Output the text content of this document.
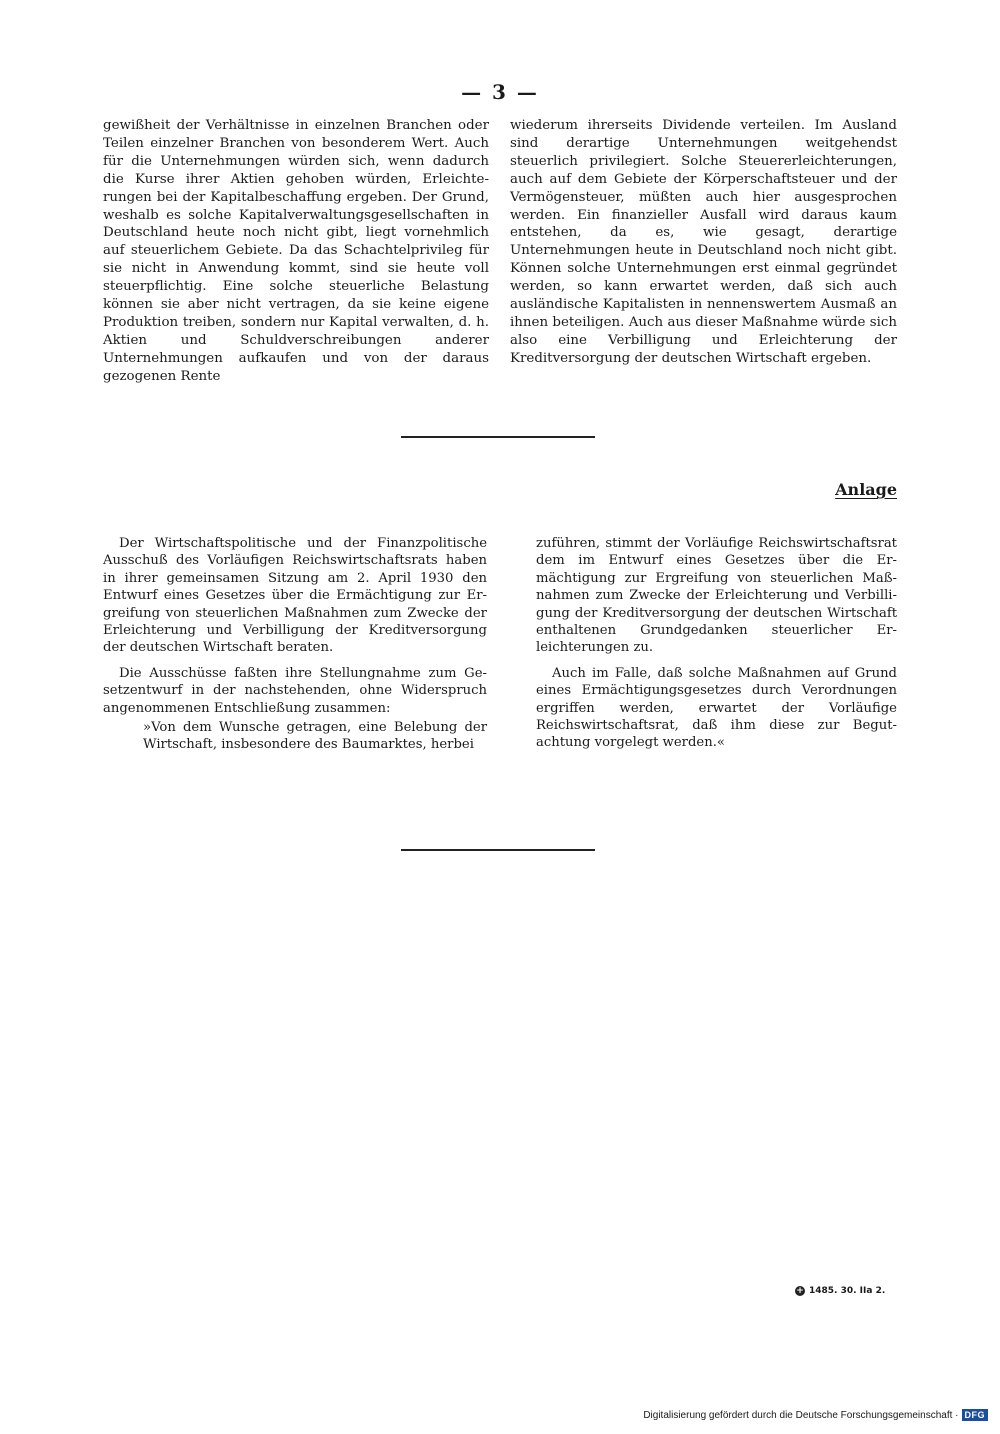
— 3 —

gewißheit der Verhältnisse in einzelnen Branchen oder Teilen einzelner Branchen von besonderem Wert. Auch für die Unternehmungen würden sich, wenn dadurch die Kurse ihrer Aktien gehoben würden, Erleichterungen bei der Kapitalbeschaffung ergeben. Der Grund, weshalb es solche Kapitalverwaltungsgesellschaften in Deutschland heute noch nicht gibt, liegt vornehmlich auf steuerlichem Gebiete. Da das Schachtelprivileg für sie nicht in Anwendung kommt, sind sie heute voll steuerpflichtig. Eine solche steuerliche Belastung können sie aber nicht vertragen, da sie keine eigene Produktion treiben, sondern nur Kapital verwalten, d. h. Aktien und Schuldverschreibungen anderer Unternehmungen aufkaufen und von der daraus gezogenen Rente

wiederum ihrerseits Dividende verteilen. Im Ausland sind derartige Unternehmungen weitgehendst steuerlich privilegiert. Solche Steuererleichterungen, auch auf dem Gebiete der Körperschaftsteuer und der Vermögensteuer, müßten auch hier ausgesprochen werden. Ein finanzieller Ausfall wird daraus kaum entstehen, da es, wie gesagt, derartige Unternehmungen heute in Deutschland noch nicht gibt. Können solche Unternehmungen erst einmal gegründet werden, so kann erwartet werden, daß sich auch ausländische Kapitalisten in nennenswertem Ausmaß an ihnen beteiligen. Auch aus dieser Maßnahme würde sich also eine Verbilligung und Erleichterung der Kreditversorgung der deutschen Wirtschaft ergeben.

Anlage

Der Wirtschaftspolitische und der Finanzpolitische Ausschuß des Vorläufigen Reichswirtschaftsrats haben in ihrer gemeinsamen Sitzung am 2. April 1930 den Entwurf eines Gesetzes über die Ermächtigung zur Ergreifung von steuerlichen Maßnahmen zum Zwecke der Erleichterung und Verbilligung der Kreditversorgung der deutschen Wirtschaft beraten.

Die Ausschüsse faßten ihre Stellungnahme zum Gesetzentwurf in der nachstehenden, ohne Widerspruch angenommenen Entschließung zusammen:

»Von dem Wunsche getragen, eine Belebung der Wirtschaft, insbesondere des Baumarktes, herbei

zuführen, stimmt der Vorläufige Reichswirtschaftsrat dem im Entwurf eines Gesetzes über die Ermächtigung zur Ergreifung von steuerlichen Maßnahmen zum Zwecke der Erleichterung und Verbilligung der Kreditversorgung der deutschen Wirtschaft enthaltenen Grundgedanken steuerlicher Erleichterungen zu.

Auch im Falle, daß solche Maßnahmen auf Grund eines Ermächtigungsgesetzes durch Verordnungen ergriffen werden, erwartet der Vorläufige Reichswirtschaftsrat, daß ihm diese zur Begutachtung vorgelegt werden.«

+ 1485. 30. IIa 2.
Digitalisierung gefördert durch die Deutsche Forschungsgemeinschaft · DFG
